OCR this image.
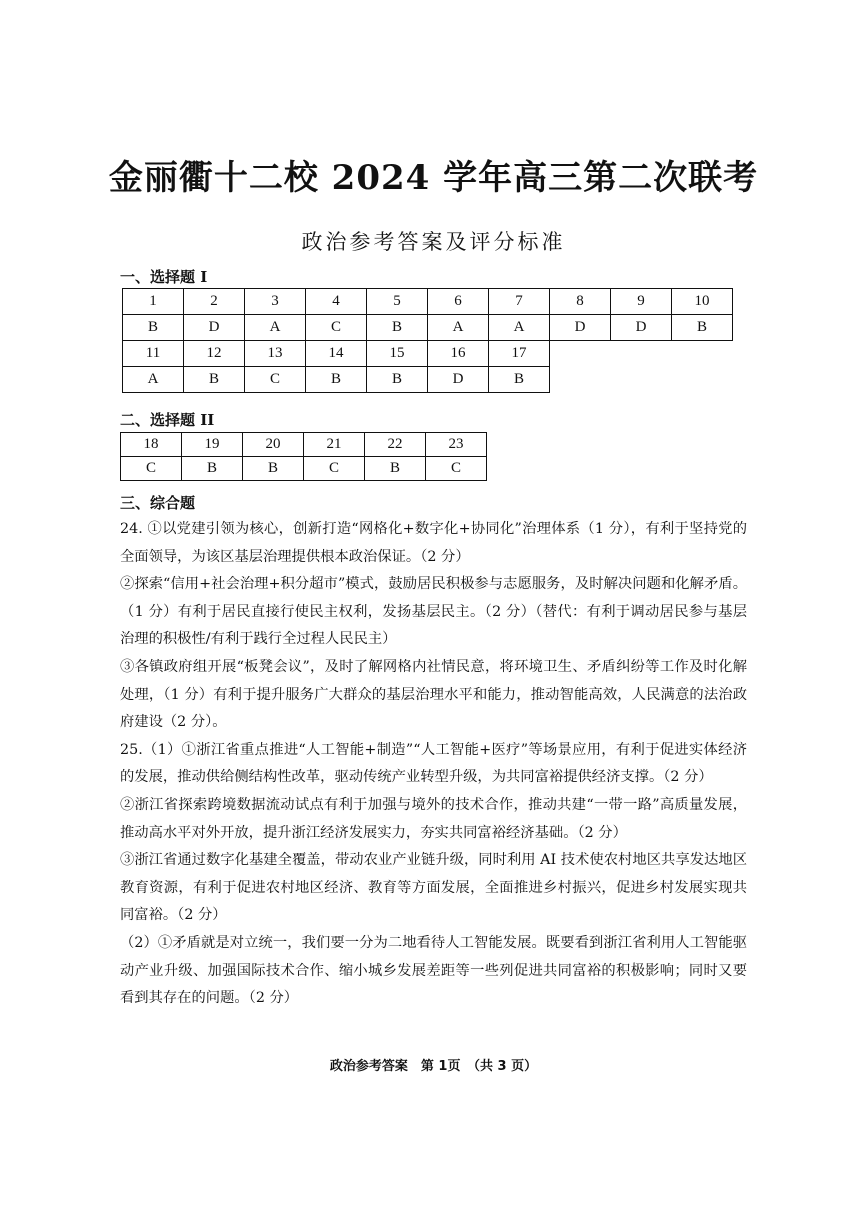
金丽衢十二校 2024 学年高三第二次联考
政治参考答案及评分标准
一、选择题 I
1	2	3	4	5	6	7	8	9	10
B	D	A	C	B	A	A	D	D	B
11	12	13	14	15	16	17			
A	B	C	B	B	D	B			
二、选择题 II
18	19	20	21	22	23
C	B	B	C	B	C
三、综合题

24. ①以党建引领为核心，创新打造“网格化+数字化+协同化”治理体系（1 分），有利于坚持党的全面领导，为该区基层治理提供根本政治保证。（2 分）

②探索“信用+社会治理+积分超市”模式，鼓励居民积极参与志愿服务，及时解决问题和化解矛盾。（1 分）有利于居民直接行使民主权利，发扬基层民主。（2 分）（替代：有利于调动居民参与基层治理的积极性/有利于践行全过程人民民主）

③各镇政府组开展“板凳会议”，及时了解网格内社情民意，将环境卫生、矛盾纠纷等工作及时化解处理，（1 分）有利于提升服务广大群众的基层治理水平和能力，推动智能高效，人民满意的法治政府建设（2 分）。

25.（1）①浙江省重点推进“人工智能+制造”“人工智能+医疗”等场景应用，有利于促进实体经济的发展，推动供给侧结构性改革，驱动传统产业转型升级，为共同富裕提供经济支撑。（2 分）

②浙江省探索跨境数据流动试点有利于加强与境外的技术合作，推动共建“一带一路”高质量发展，推动高水平对外开放，提升浙江经济发展实力，夯实共同富裕经济基础。（2 分）

③浙江省通过数字化基建全覆盖，带动农业产业链升级，同时利用 AI 技术使农村地区共享发达地区教育资源，有利于促进农村地区经济、教育等方面发展，全面推进乡村振兴，促进乡村发展实现共同富裕。（2 分）

（2）①矛盾就是对立统一，我们要一分为二地看待人工智能发展。既要看到浙江省利用人工智能驱动产业升级、加强国际技术合作、缩小城乡发展差距等一些列促进共同富裕的积极影响；同时又要看到其存在的问题。（2 分）

政治参考答案　第 1页　（共 3 页）
